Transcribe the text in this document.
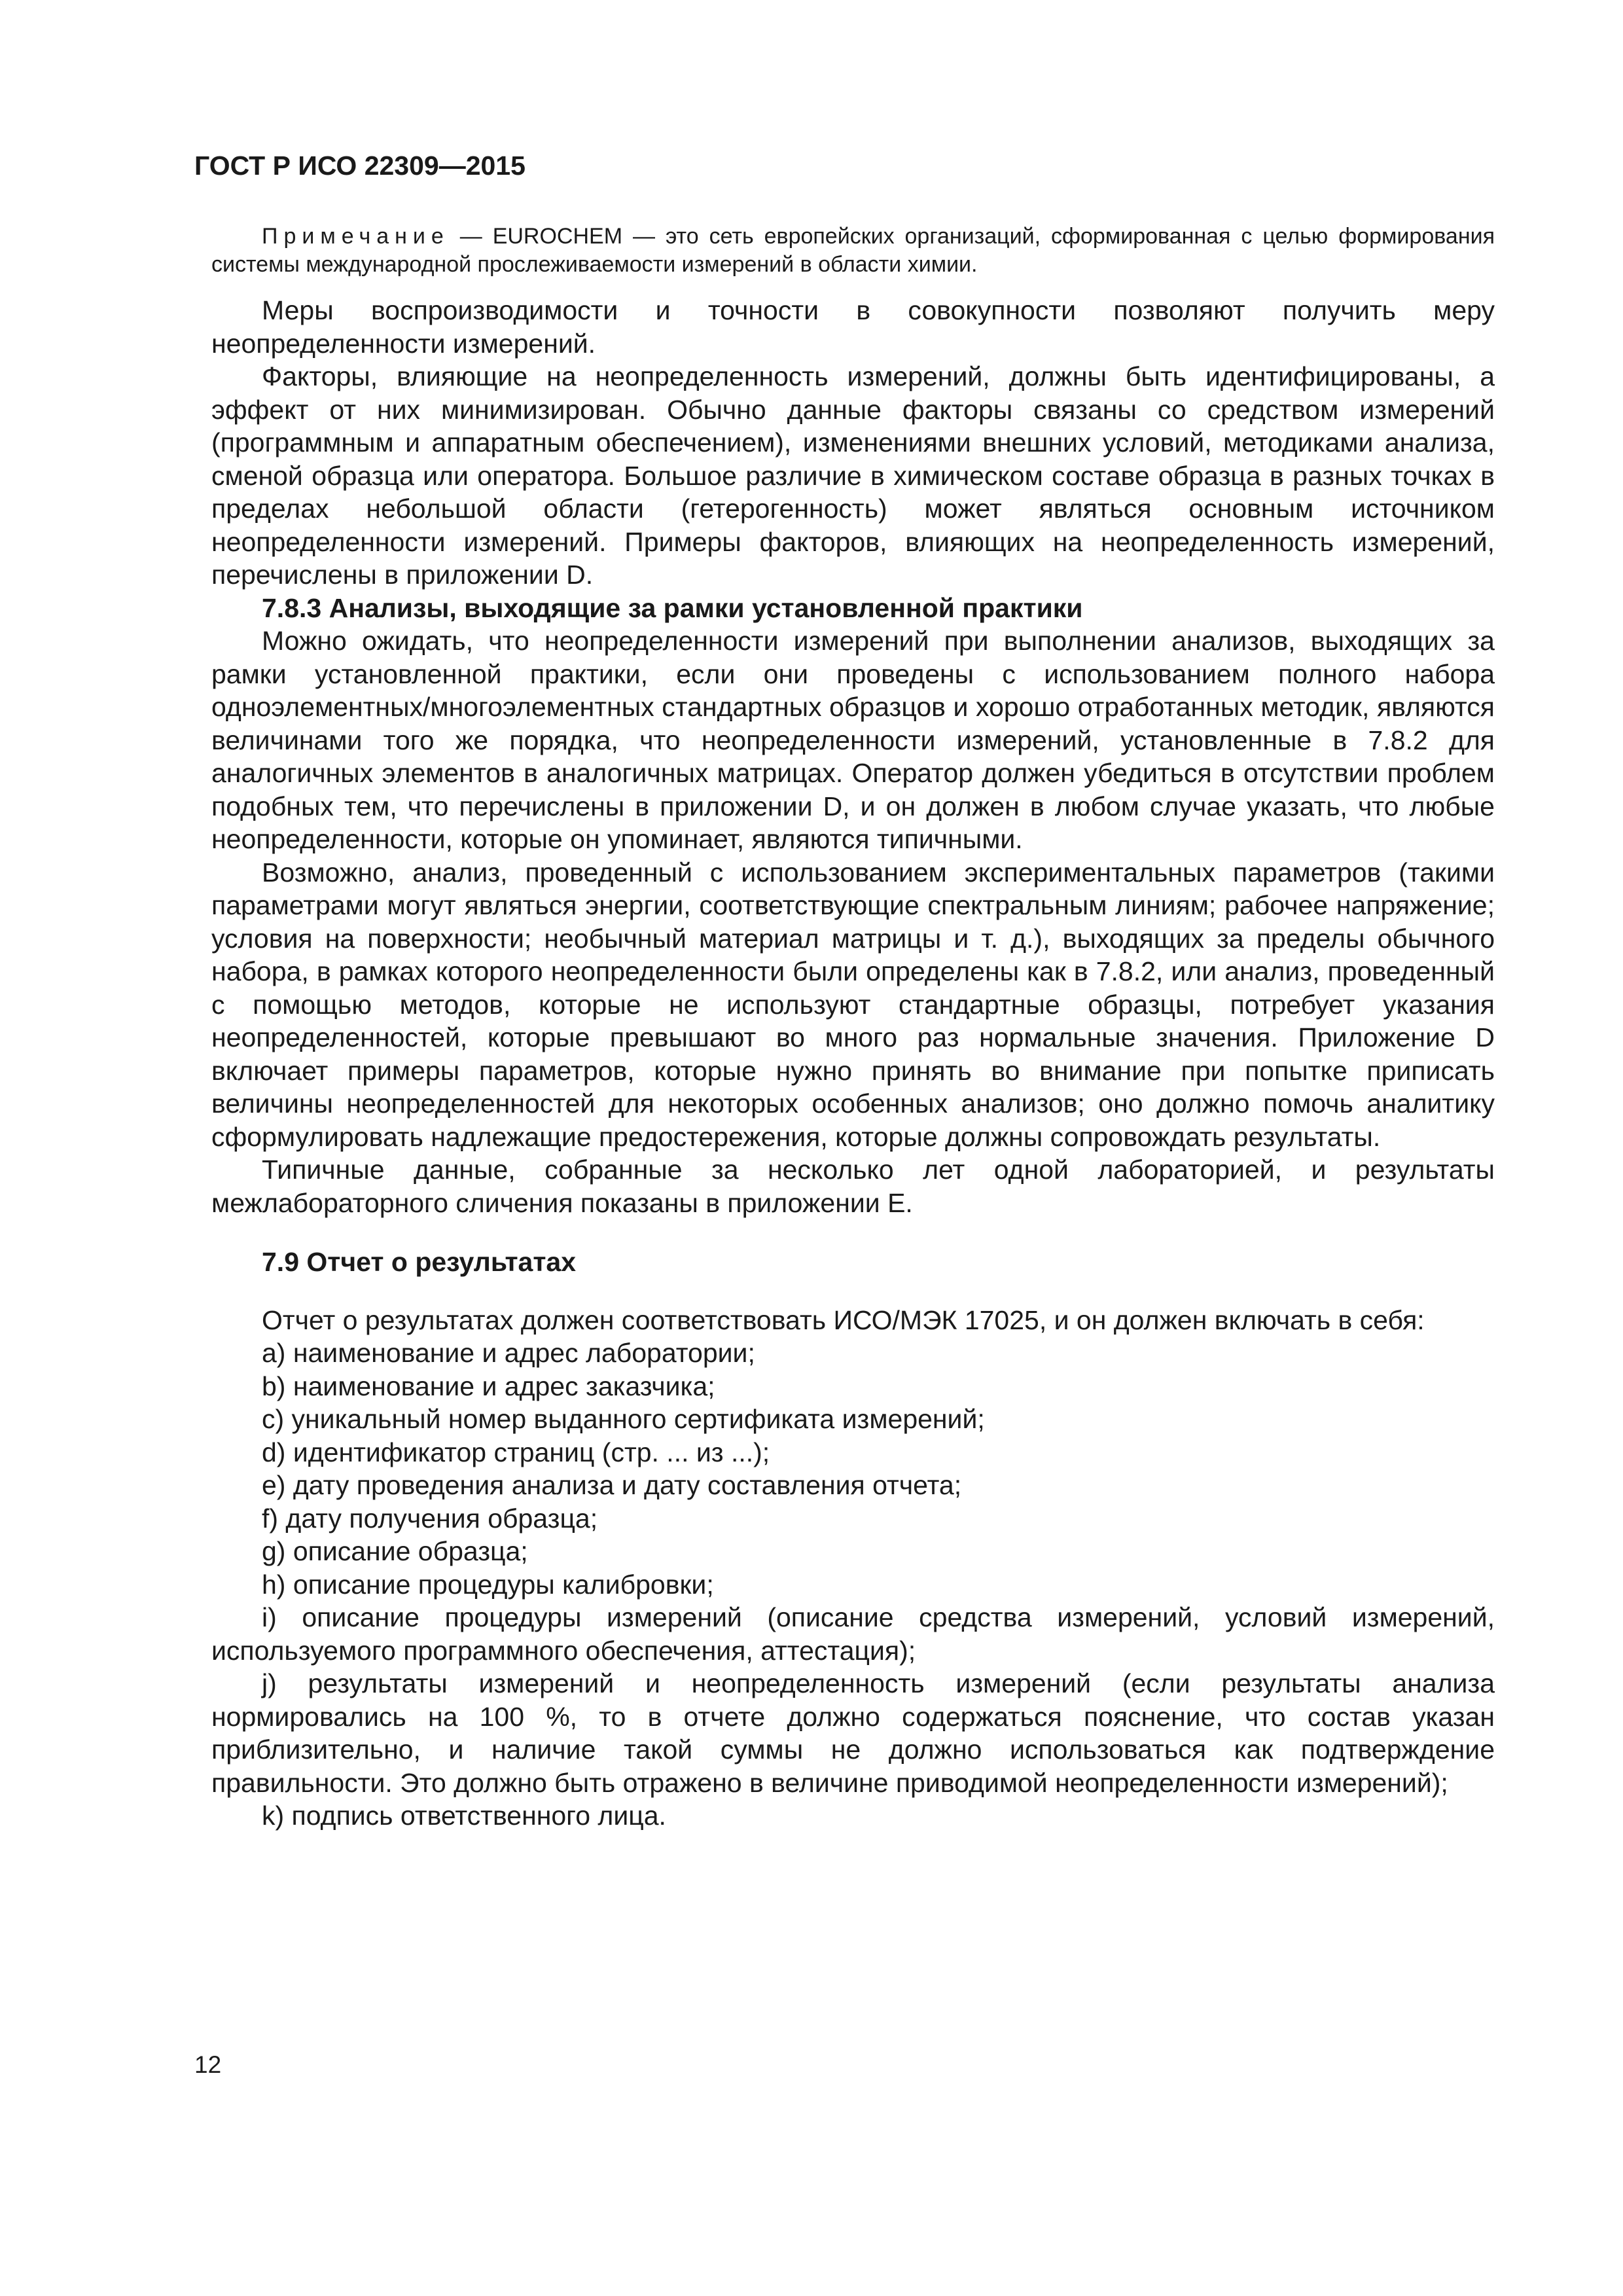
ГОСТ Р ИСО 22309—2015

Примечание — EUROCHEM — это сеть европейских организаций, сформированная с целью формирования системы международной прослеживаемости измерений в области химии.

Меры воспроизводимости и точности в совокупности позволяют получить меру неопределенности измерений.

Факторы, влияющие на неопределенность измерений, должны быть идентифицированы, а эффект от них минимизирован. Обычно данные факторы связаны со средством измерений (программным и аппаратным обеспечением), изменениями внешних условий, методиками анализа, сменой образца или оператора. Большое различие в химическом составе образца в разных точках в пределах небольшой области (гетерогенность) может являться основным источником неопределенности измерений. Примеры факторов, влияющих на неопределенность измерений, перечислены в приложении D.

7.8.3 Анализы, выходящие за рамки установленной практики

Можно ожидать, что неопределенности измерений при выполнении анализов, выходящих за рамки установленной практики, если они проведены с использованием полного набора одноэлементных/многоэлементных стандартных образцов и хорошо отработанных методик, являются величинами того же порядка, что неопределенности измерений, установленные в 7.8.2 для аналогичных элементов в аналогичных матрицах. Оператор должен убедиться в отсутствии проблем подобных тем, что перечислены в приложении D, и он должен в любом случае указать, что любые неопределенности, которые он упоминает, являются типичными.

Возможно, анализ, проведенный с использованием экспериментальных параметров (такими параметрами могут являться энергии, соответствующие спектральным линиям; рабочее напряжение; условия на поверхности; необычный материал матрицы и т. д.), выходящих за пределы обычного набора, в рамках которого неопределенности были определены как в 7.8.2, или анализ, проведенный с помощью методов, которые не используют стандартные образцы, потребует указания неопределенностей, которые превышают во много раз нормальные значения. Приложение D включает примеры параметров, которые нужно принять во внимание при попытке приписать величины неопределенностей для некоторых особенных анализов; оно должно помочь аналитику сформулировать надлежащие предостережения, которые должны сопровождать результаты.

Типичные данные, собранные за несколько лет одной лабораторией, и результаты межлабораторного сличения показаны в приложении Е.

7.9 Отчет о результатах

Отчет о результатах должен соответствовать ИСО/МЭК 17025, и он должен включать в себя:

a) наименование и адрес лаборатории;

b) наименование и адрес заказчика;

c) уникальный номер выданного сертификата измерений;

d) идентификатор страниц (стр. ... из ...);

e) дату проведения анализа и дату составления отчета;

f) дату получения образца;

g) описание образца;

h) описание процедуры калибровки;

i) описание процедуры измерений (описание средства измерений, условий измерений, используемого программного обеспечения, аттестация);

j) результаты измерений и неопределенность измерений (если результаты анализа нормировались на 100 %, то в отчете должно содержаться пояснение, что состав указан приблизительно, и наличие такой суммы не должно использоваться как подтверждение правильности. Это должно быть отражено в величине приводимой неопределенности измерений);

k) подпись ответственного лица.

12
